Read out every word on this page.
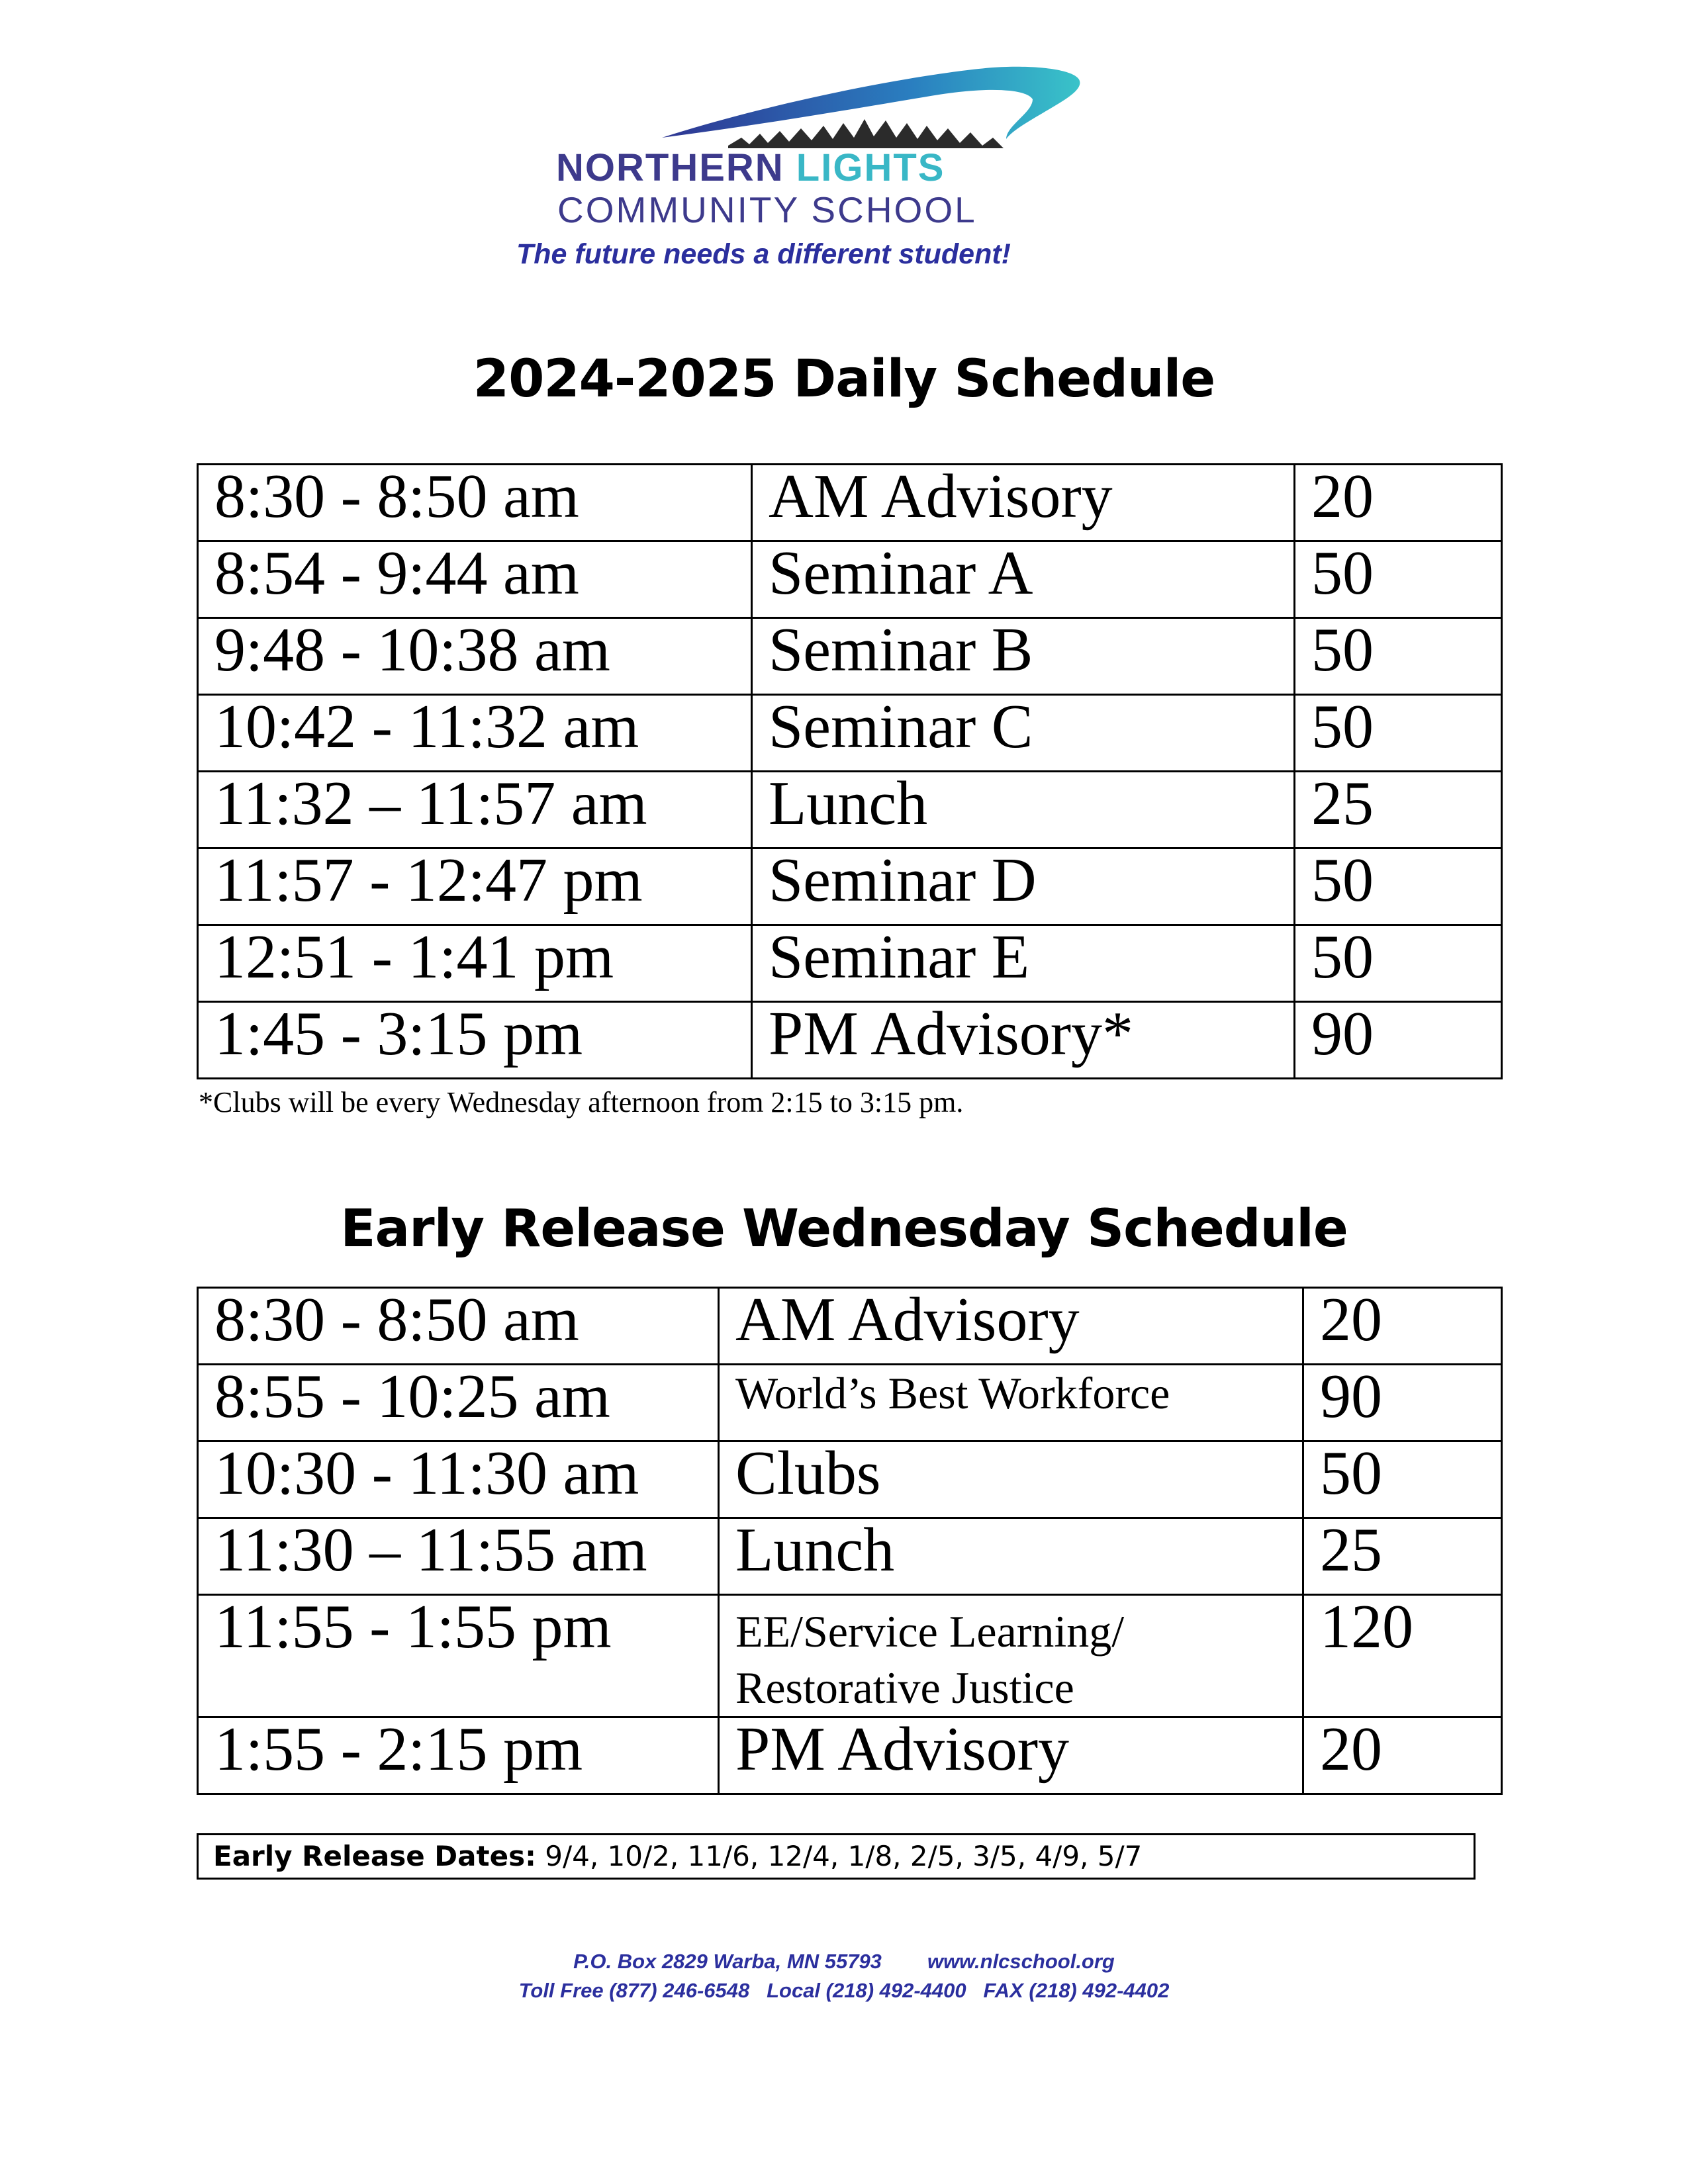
NORTHERN LIGHTS
COMMUNITY SCHOOL
The future needs a different student!
2024-2025 Daily Schedule
8:30 - 8:50 am	AM Advisory	20
8:54 - 9:44 am	Seminar A	50
9:48 - 10:38 am	Seminar B	50
10:42 - 11:32 am	Seminar C	50
11:32 – 11:57 am	Lunch	25
11:57 - 12:47 pm	Seminar D	50
12:51 - 1:41 pm	Seminar E	50
1:45 - 3:15 pm	PM Advisory*	90
*Clubs will be every Wednesday afternoon from 2:15 to 3:15 pm.
Early Release Wednesday Schedule
8:30 - 8:50 am	AM Advisory	20
8:55 - 10:25 am	World’s Best Workforce	90
10:30 - 11:30 am	Clubs	50
11:30 – 11:55 am	Lunch	25
11:55 - 1:55 pm	EE/Service Learning/
Restorative Justice	120
1:55 - 2:15 pm	PM Advisory	20
Early Release Dates: 9/4, 10/2, 11/6, 12/4, 1/8, 2/5, 3/5, 4/9, 5/7
P.O. Box 2829 Warba, MN 55793        www.nlcschool.org
Toll Free (877) 246-6548   Local (218) 492-4400   FAX (218) 492-4402
